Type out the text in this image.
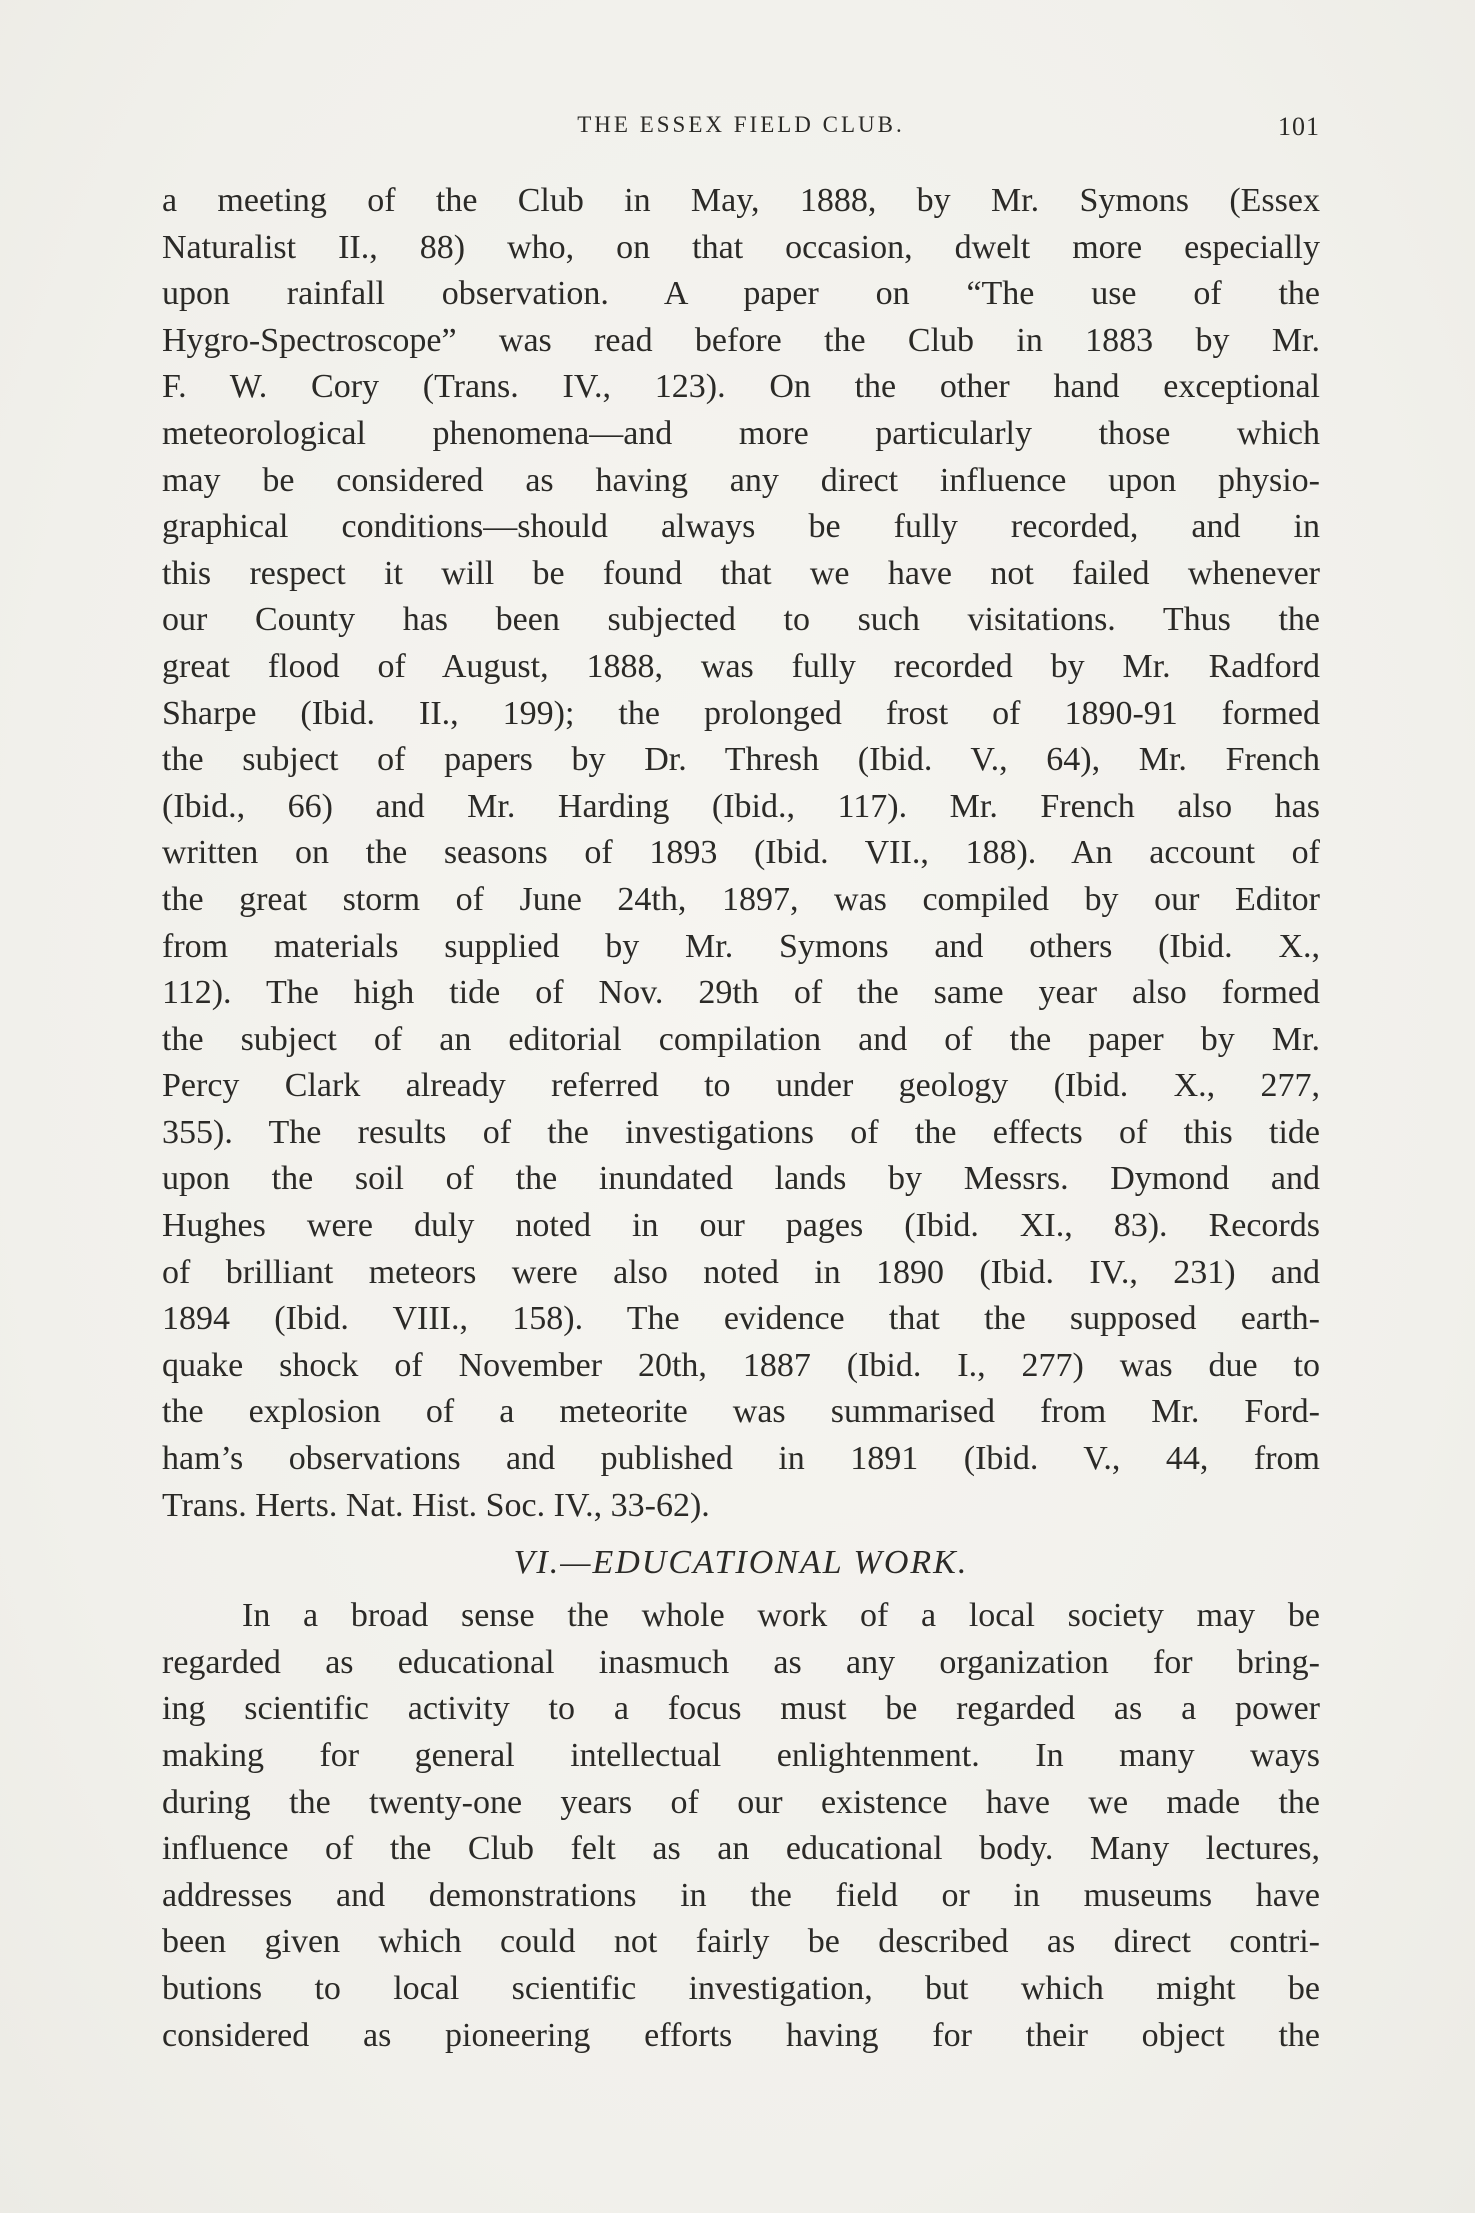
THE ESSEX FIELD CLUB.	101
a meeting of the Club in May, 1888, by Mr. Symons (Essex
Naturalist II., 88) who, on that occasion, dwelt more especially
upon rainfall observation. A paper on “The use of the
Hygro-Spectroscope” was read before the Club in 1883 by Mr.
F. W. Cory (Trans. IV., 123). On the other hand exceptional
meteorological phenomena—and more particularly those which
may be considered as having any direct influence upon physio-
graphical conditions—should always be fully recorded, and in
this respect it will be found that we have not failed whenever
our County has been subjected to such visitations. Thus the
great flood of August, 1888, was fully recorded by Mr. Radford
Sharpe (Ibid. II., 199); the prolonged frost of 1890-91 formed
the subject of papers by Dr. Thresh (Ibid. V., 64), Mr. French
(Ibid., 66) and Mr. Harding (Ibid., 117). Mr. French also has
written on the seasons of 1893 (Ibid. VII., 188). An account of
the great storm of June 24th, 1897, was compiled by our Editor
from materials supplied by Mr. Symons and others (Ibid. X.,
112). The high tide of Nov. 29th of the same year also formed
the subject of an editorial compilation and of the paper by Mr.
Percy Clark already referred to under geology (Ibid. X., 277,
355). The results of the investigations of the effects of this tide
upon the soil of the inundated lands by Messrs. Dymond and
Hughes were duly noted in our pages (Ibid. XI., 83). Records
of brilliant meteors were also noted in 1890 (Ibid. IV., 231) and
1894 (Ibid. VIII., 158). The evidence that the supposed earth-
quake shock of November 20th, 1887 (Ibid. I., 277) was due to
the explosion of a meteorite was summarised from Mr. Ford-
ham’s observations and published in 1891 (Ibid. V., 44, from
Trans. Herts. Nat. Hist. Soc. IV., 33-62).
VI.—EDUCATIONAL WORK.
In a broad sense the whole work of a local society may be
regarded as educational inasmuch as any organization for bring-
ing scientific activity to a focus must be regarded as a power
making for general intellectual enlightenment. In many ways
during the twenty-one years of our existence have we made the
influence of the Club felt as an educational body. Many lectures,
addresses and demonstrations in the field or in museums have
been given which could not fairly be described as direct contri-
butions to local scientific investigation, but which might be
considered as pioneering efforts having for their object the
